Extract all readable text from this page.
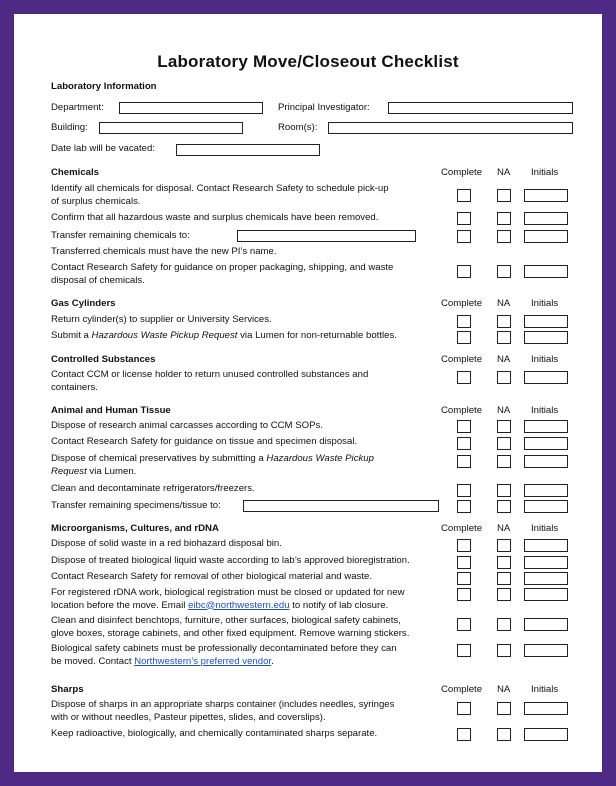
Laboratory Move/Closeout Checklist
Laboratory Information
Department:	Principal Investigator:
Building:	Room(s):
Date lab will be vacated:
Chemicals	Complete NA Initials
Identify all chemicals for disposal. Contact Research Safety to schedule pick-up
of surplus chemicals.
Confirm that all hazardous waste and surplus chemicals have been removed.
Transfer remaining chemicals to:
Transferred chemicals must have the new PI’s name.
Contact Research Safety for guidance on proper packaging, shipping, and waste
disposal of chemicals.
Gas Cylinders	Complete NA Initials
Return cylinder(s) to supplier or University Services.
Submit a Hazardous Waste Pickup Request via Lumen for non-returnable bottles.
Controlled Substances	Complete NA Initials
Contact CCM or license holder to return unused controlled substances and
containers.
Animal and Human Tissue	Complete NA Initials
Dispose of research animal carcasses according to CCM SOPs.
Contact Research Safety for guidance on tissue and specimen disposal.
Dispose of chemical preservatives by submitting a Hazardous Waste Pickup
Request via Lumen.
Clean and decontaminate refrigerators/freezers.
Transfer remaining specimens/tissue to:
Microorganisms, Cultures, and rDNA	Complete NA Initials
Dispose of solid waste in a red biohazard disposal bin.
Dispose of treated biological liquid waste according to lab’s approved bioregistration.
Contact Research Safety for removal of other biological material and waste.
For registered rDNA work, biological registration must be closed or updated for new
location before the move. Email eibc@northwestern.edu to notify of lab closure.
Clean and disinfect benchtops, furniture, other surfaces, biological safety cabinets,
glove boxes, storage cabinets, and other fixed equipment. Remove warning stickers.
Biological safety cabinets must be professionally decontaminated before they can
be moved. Contact Northwestern’s preferred vendor.
Sharps	Complete NA Initials
Dispose of sharps in an appropriate sharps container (includes needles, syringes
with or without needles, Pasteur pipettes, slides, and coverslips).
Keep radioactive, biologically, and chemically contaminated sharps separate.
